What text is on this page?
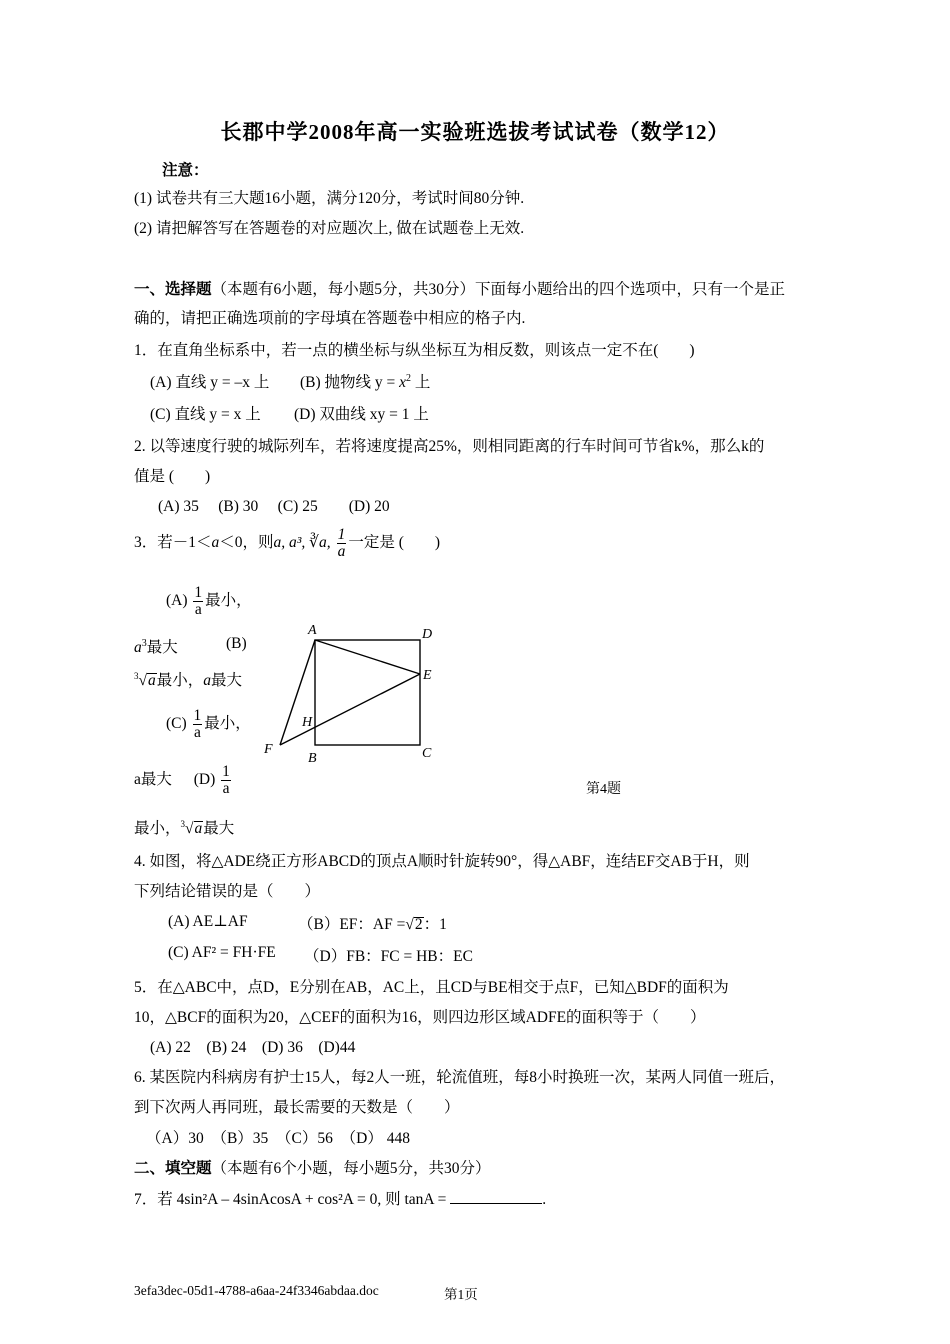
长郡中学2008年高一实验班选拔考试试卷（数学12）
注意：
(1) 试卷共有三大题16小题，满分120分，考试时间80分钟.
(2) 请把解答写在答题卷的对应题次上, 做在试题卷上无效.
一、选择题（本题有6小题，每小题5分，共30分）下面每小题给出的四个选项中，只有一个是正
确的，请把正确选项前的字母填在答题卷中相应的格子内.
1．在直角坐标系中，若一点的横坐标与纵坐标互为相反数，则该点一定不在(　　)
(A) 直线 y = –x 上 (B) 抛物线 $y = x^2$ 上
(C) 直线 y = x 上 (D) 双曲线 xy = 1 上
2. 以等速度行驶的城际列车，若将速度提高25%，则相同距离的行车时间可节省k%，那么k的
值是 (　　)
(A) 35　 (B) 30　 (C) 25　　(D) 20
3．若－1＜a＜0，则a, a³, ∛a, $\frac{1}{a}$ 一定是 (　　)
$(A) \frac{1}{a}$ 最小，
$a^3$最大	(B)
$^3$√a最小，a最大
$(C) \frac{1}{a}$ 最小，
a最大 $(D) \frac{1}{a}$
最小，$^3$√a最大
A	D
E
H
F
B	C
第4题
4. 如图，将△ADE绕正方形ABCD的顶点A顺时针旋转90°，得△ABF，连结EF交AB于H，则
下列结论错误的是（　　）
(A) AE⊥AF	（B）EF：AF =√2：1
(C) AF² = FH·FE （D）FB：FC = HB：EC
5．在△ABC中，点D，E分别在AB，AC上，且CD与BE相交于点F，已知△BDF的面积为
10，△BCF的面积为20，△CEF的面积为16，则四边形区域ADFE的面积等于（　　）
(A) 22　(B) 24　(D) 36　(D)44
6. 某医院内科病房有护士15人，每2人一班，轮流值班，每8小时换班一次，某两人同值一班后，
到下次两人再同班，最长需要的天数是（　　）
（A）30　（B）35　（C）56　（D） 448
二、填空题（本题有6个小题，每小题5分，共30分）
7．若 4sin²A – 4sinAcosA + cos²A = 0, 则 tanA =	.
3efa3dec-05d1-4788-a6aa-24f3346abdaa.doc	第1页
